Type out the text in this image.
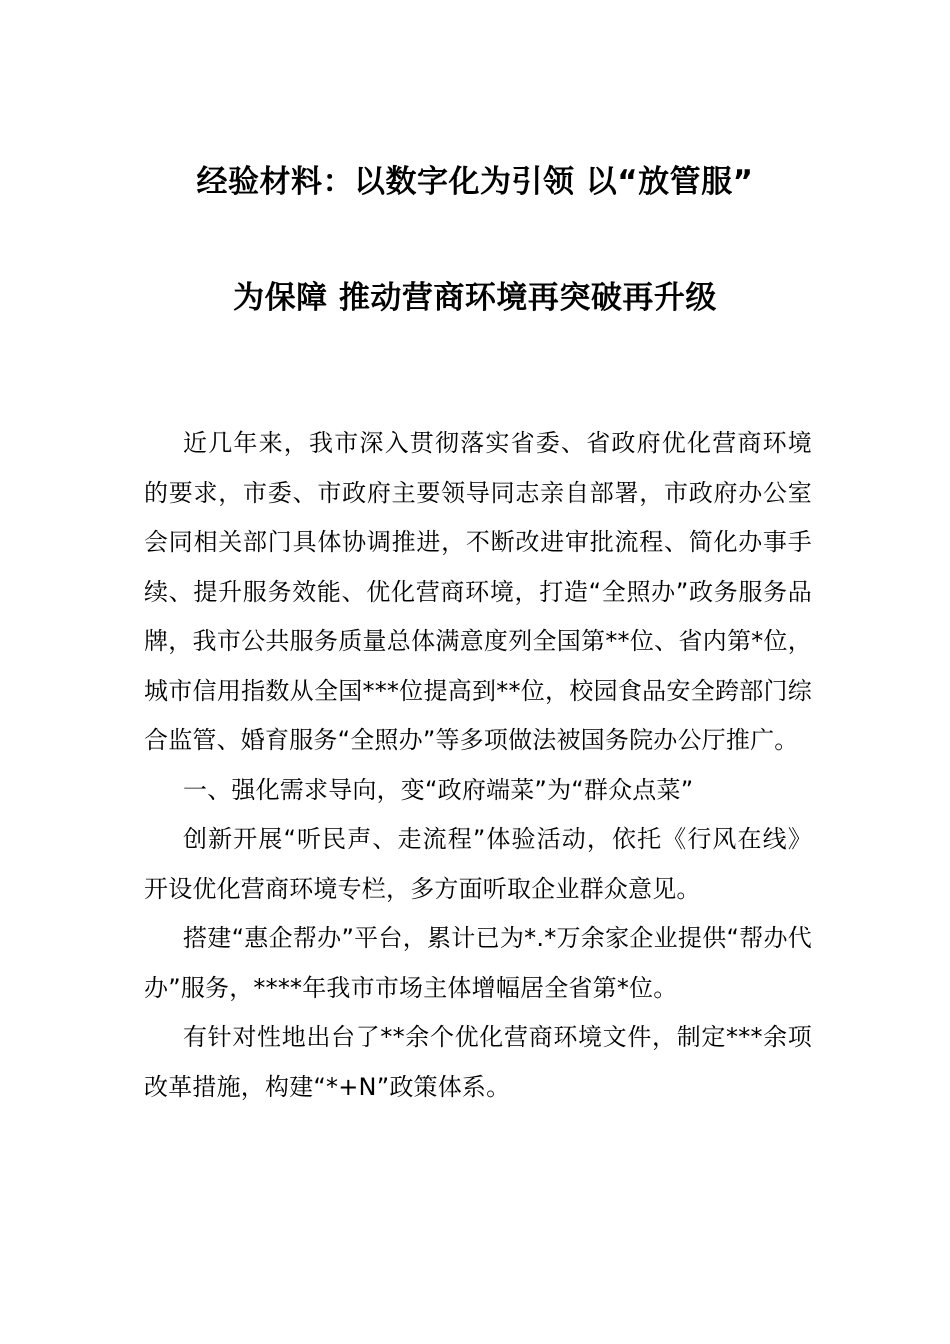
经验材料：以数字化为引领 以“放管服”
为保障 推动营商环境再突破再升级

近几年来，我市深入贯彻落实省委、省政府优化营商环境的要求，市委、市政府主要领导同志亲自部署，市政府办公室会同相关部门具体协调推进，不断改进审批流程、简化办事手续、提升服务效能、优化营商环境，打造“全照办”政务服务品牌，我市公共服务质量总体满意度列全国第**位、省内第*位，城市信用指数从全国***位提高到**位，校园食品安全跨部门综合监管、婚育服务“全照办”等多项做法被国务院办公厅推广。

一、强化需求导向，变“政府端菜”为“群众点菜”

创新开展“听民声、走流程”体验活动，依托《行风在线》开设优化营商环境专栏，多方面听取企业群众意见。

搭建“惠企帮办”平台，累计已为*.*万余家企业提供“帮办代办”服务，****年我市市场主体增幅居全省第*位。

有针对性地出台了**余个优化营商环境文件，制定***余项改革措施，构建“*+N”政策体系。
